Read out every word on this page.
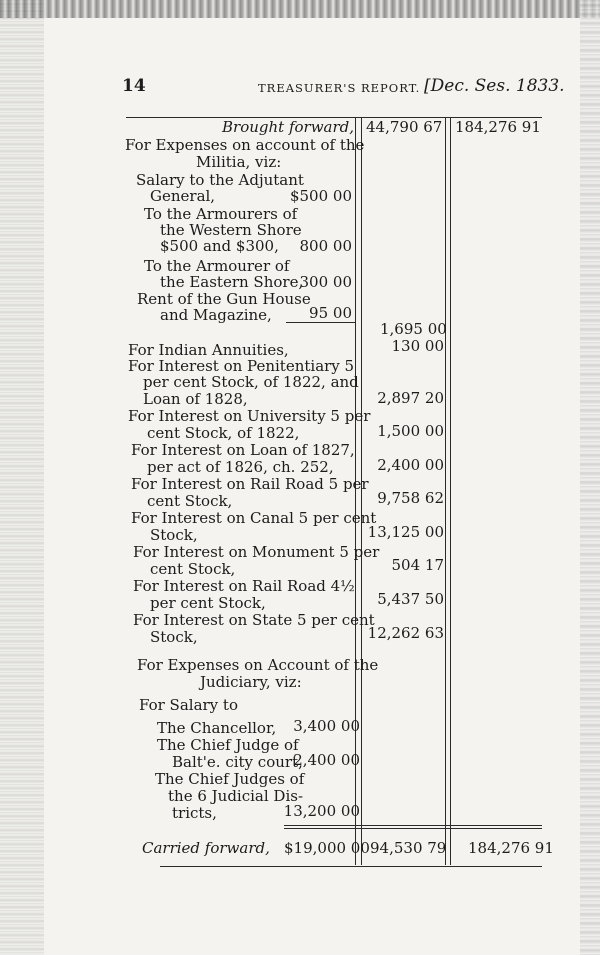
14	TREASURER'S REPORT. [Dec. Ses. 1833.
Brought forward, 44,790 67 184,276 91
For Expenses on account of the
Militia, viz:
Salary to the Adjutant
General,	$500 00
To the Armourers of
the Western Shore
$500 and $300,	800 00
To the Armourer of
the Eastern Shore,
300 00
Rent of the Gun House
and Magazine,	95 00
1,695 00
For Indian Annuities,	130 00
For Interest on Penitentiary 5
per cent Stock, of 1822, and
Loan of 1828,	2,897 20
For Interest on University 5 per
cent Stock, of 1822,	1,500 00
For Interest on Loan of 1827,
per act of 1826, ch. 252,	2,400 00
For Interest on Rail Road 5 per
cent Stock,	9,758 62
For Interest on Canal 5 per cent
Stock,	13,125 00
For Interest on Monument 5 per
cent Stock,	504 17
For Interest on Rail Road 4½
per cent Stock,	5,437 50
For Interest on State 5 per cent
Stock,	12,262 63
For Expenses on Account of the
Judiciary, viz:
For Salary to
The Chancellor,	3,400 00
The Chief Judge of
Balt'e. city court,
2,400 00
The Chief Judges of
the 6 Judicial Dis-
tricts,	13,200 00
Carried forward, $19,000 00 94,530 79 184,276 91
